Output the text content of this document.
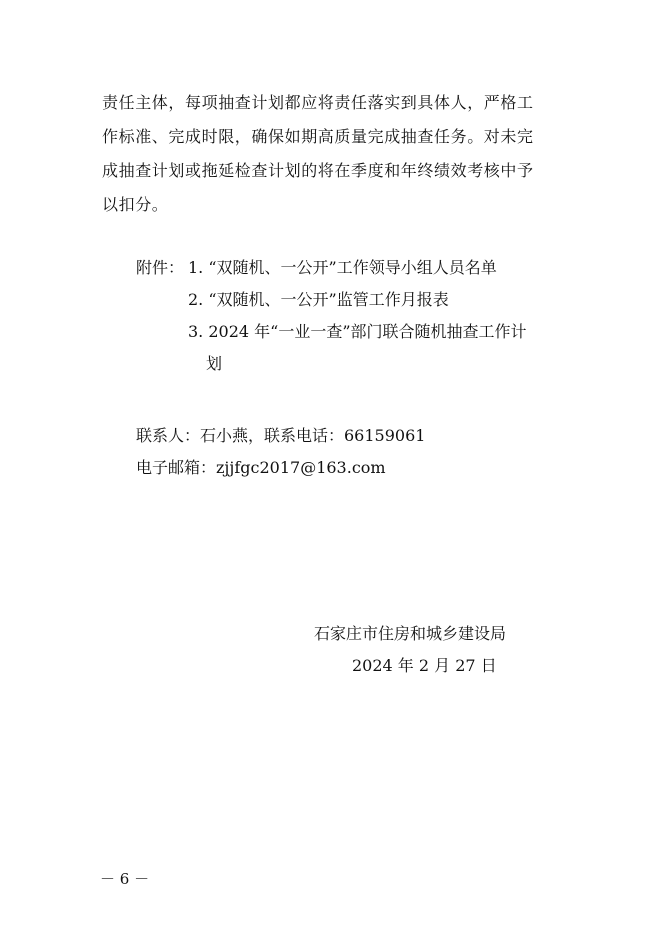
责任主体，每项抽查计划都应将责任落实到具体人，严格工
作标准、完成时限，确保如期高质量完成抽查任务。对未完
成抽查计划或拖延检查计划的将在季度和年终绩效考核中予
以扣分。
附件： 1. “双随机、一公开”工作领导小组人员名单
2. “双随机、一公开”监管工作月报表
3. 2024 年“一业一查”部门联合随机抽查工作计
划
联系人：石小燕，联系电话：66159061
电子邮箱：zjjfgc2017@163.com
石家庄市住房和城乡建设局
2024 年 2 月 27 日
－ 6 －
